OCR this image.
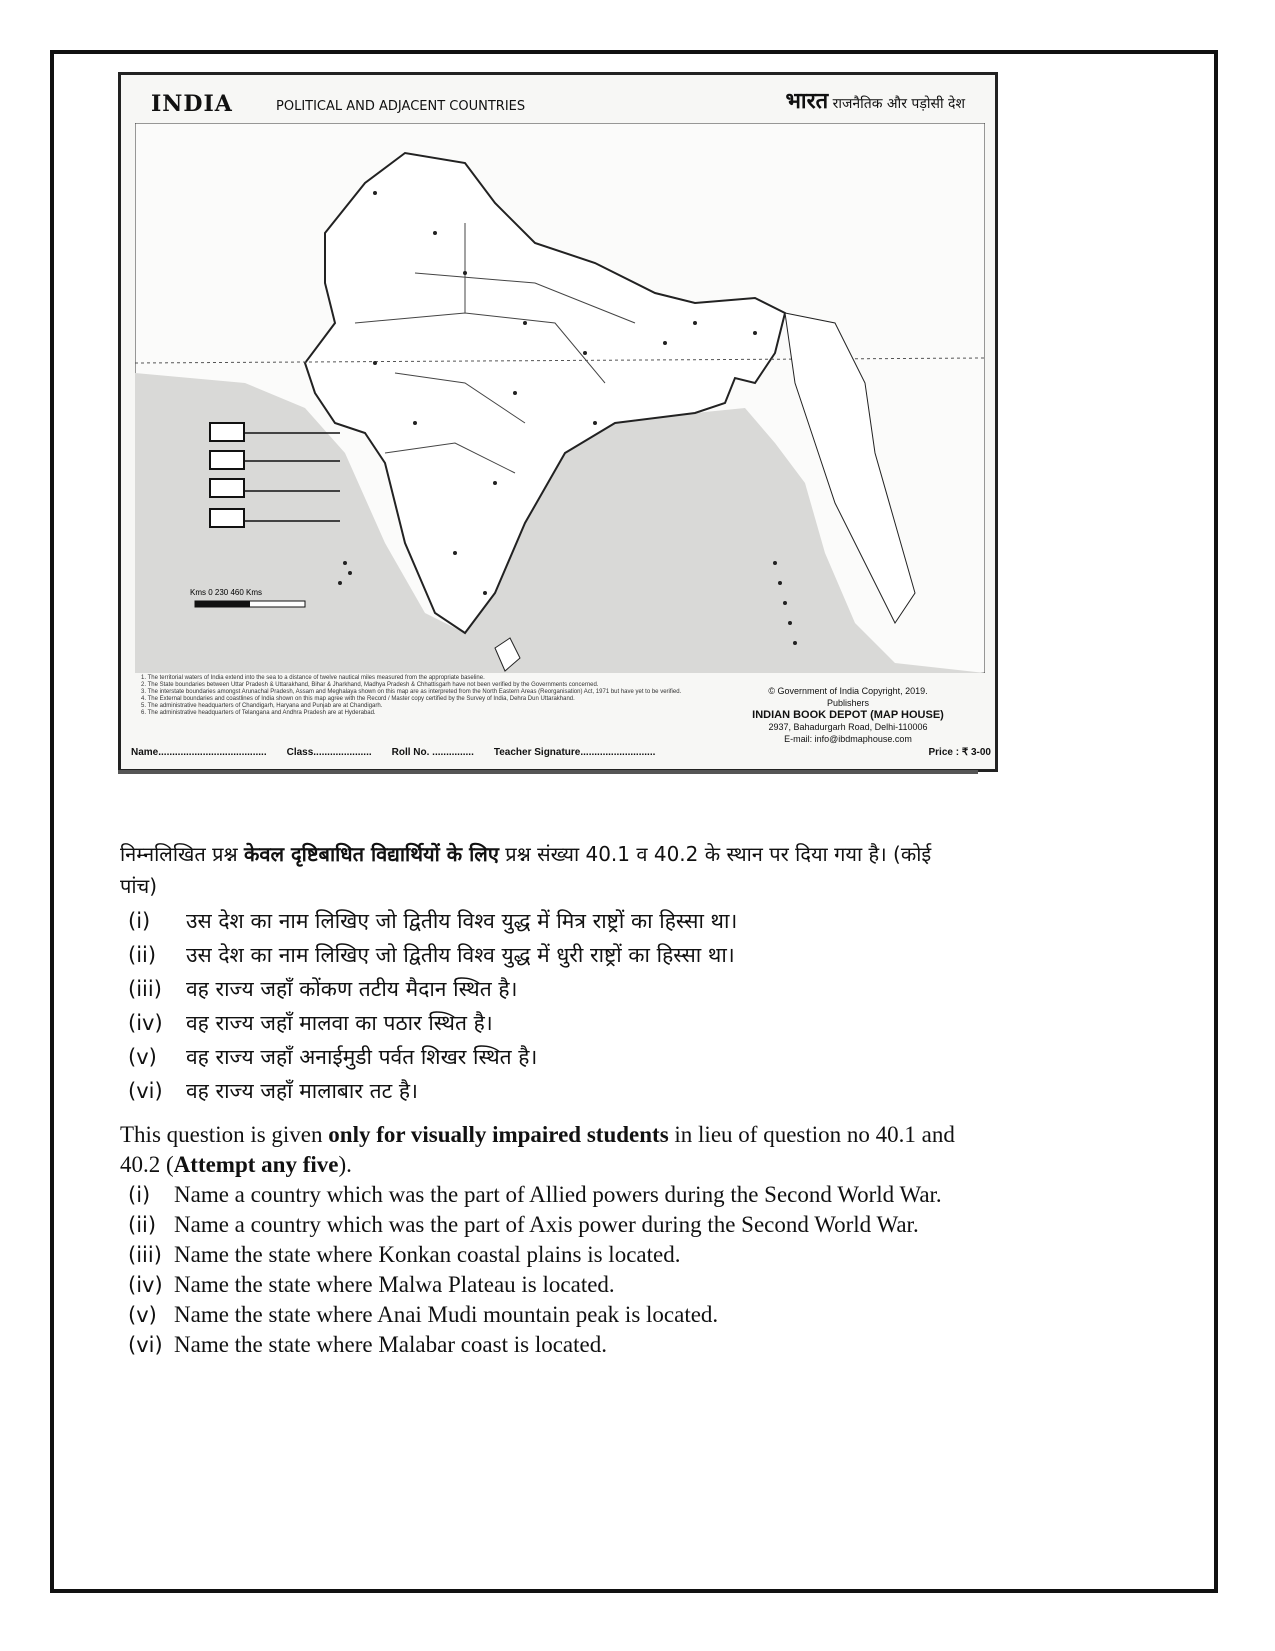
INDIA	POLITICAL AND ADJACENT COUNTRIES	भारत राजनैतिक और पड़ोसी देश
Kms 0 230 460 Kms
1. The territorial waters of India extend into the sea to a distance of twelve nautical miles measured from the appropriate baseline.
2. The State boundaries between Uttar Pradesh & Uttarakhand, Bihar & Jharkhand, Madhya Pradesh & Chhattisgarh have not been verified by the Governments concerned.
3. The interstate boundaries amongst Arunachal Pradesh, Assam and Meghalaya shown on this map are as interpreted from the North Eastern Areas (Reorganisation) Act, 1971 but have yet to be verified.
4. The External boundaries and coastlines of India shown on this map agree with the Record / Master copy certified by the Survey of India, Dehra Dun Uttarakhand.
5. The administrative headquarters of Chandigarh, Haryana and Punjab are at Chandigarh.
6. The administrative headquarters of Telangana and Andhra Pradesh are at Hyderabad.
© Government of India Copyright, 2019.
Publishers
INDIAN BOOK DEPOT (MAP HOUSE)
2937, Bahadurgarh Road, Delhi-110006
E-mail: info@ibdmaphouse.com
Name....................................... Class..................... Roll No. ............... Teacher Signature...........................	Price : ₹ 3-00
निम्नलिखित प्रश्न केवल दृष्टिबाधित विद्यार्थियों के लिए प्रश्न संख्या 40.1 व 40.2 के स्थान पर दिया गया है। (कोई पांच)
(i)	उस देश का नाम लिखिए जो द्वितीय विश्व युद्ध में मित्र राष्ट्रों का हिस्सा था।
(ii)	उस देश का नाम लिखिए जो द्वितीय विश्व युद्ध में धुरी राष्ट्रों का हिस्सा था।
(iii)	वह राज्य जहाँ कोंकण तटीय मैदान स्थित है।
(iv)	वह राज्य जहाँ मालवा का पठार स्थित है।
(v)	वह राज्य जहाँ अनाईमुडी पर्वत शिखर स्थित है।
(vi)	वह राज्य जहाँ मालाबार तट है।
This question is given only for visually impaired students in lieu of question no 40.1 and 40.2 (Attempt any five).
(i)	Name a country which was the part of Allied powers during the Second World War.
(ii) Name a country which was the part of Axis power during the Second World War.
(iii) Name the state where Konkan coastal plains is located.
(iv) Name the state where Malwa Plateau is located.
(v) Name the state where Anai Mudi mountain peak is located.
(vi) Name the state where Malabar coast is located.
